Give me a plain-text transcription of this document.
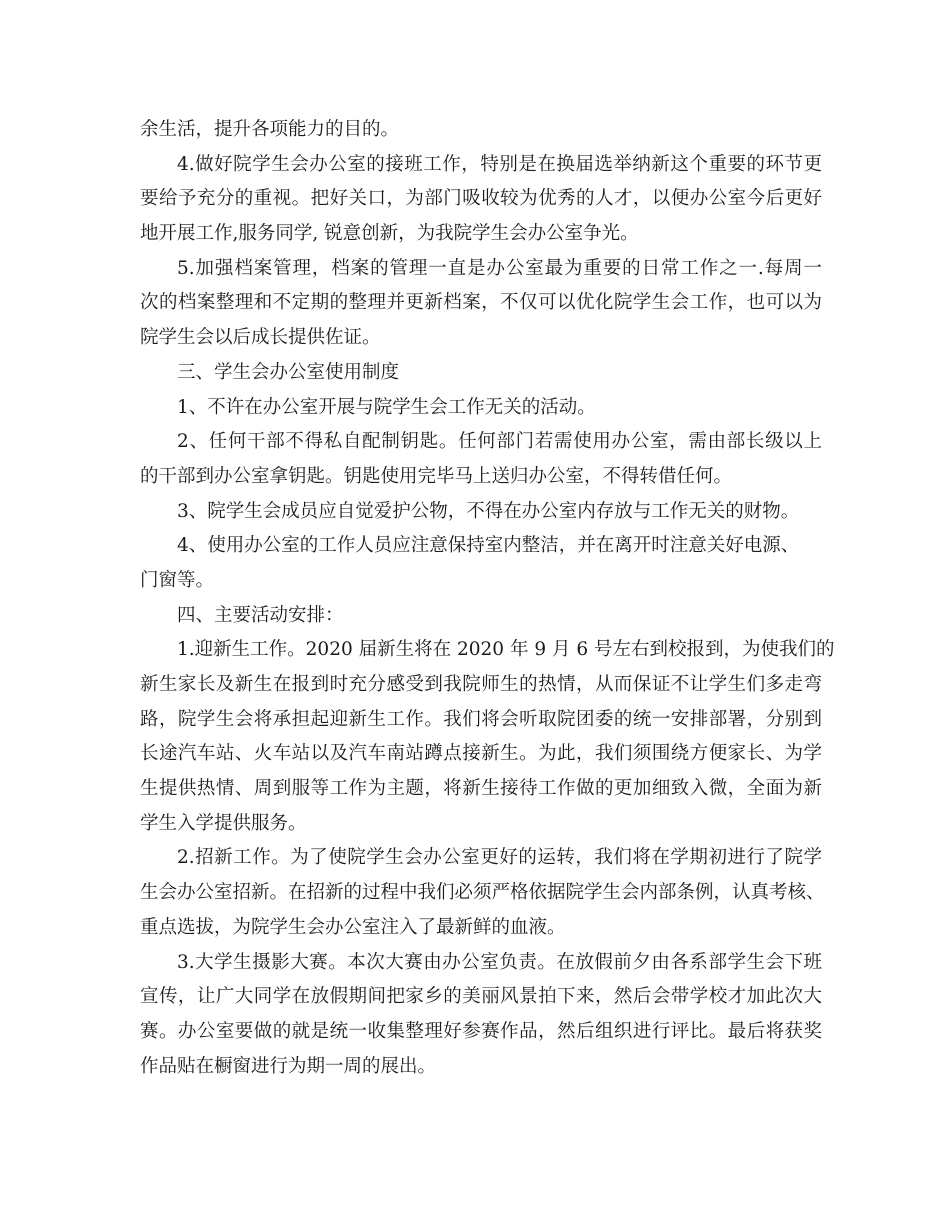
余生活，提升各项能力的目的。
4.做好院学生会办公室的接班工作，特别是在换届选举纳新这个重要的环节更
要给予充分的重视。把好关口，为部门吸收较为优秀的人才，以便办公室今后更好
地开展工作,服务同学, 锐意创新，为我院学生会办公室争光。
5.加强档案管理，档案的管理一直是办公室最为重要的日常工作之一.每周一
次的档案整理和不定期的整理并更新档案，不仅可以优化院学生会工作，也可以为
院学生会以后成长提供佐证。
三、学生会办公室使用制度
1、不许在办公室开展与院学生会工作无关的活动。
2、任何干部不得私自配制钥匙。任何部门若需使用办公室，需由部长级以上
的干部到办公室拿钥匙。钥匙使用完毕马上送归办公室，不得转借任何。
3、院学生会成员应自觉爱护公物，不得在办公室内存放与工作无关的财物。
4、使用办公室的工作人员应注意保持室内整洁，并在离开时注意关好电源、
门窗等。
四、主要活动安排：
1.迎新生工作。2020 届新生将在 2020 年 9 月 6 号左右到校报到，为使我们的
新生家长及新生在报到时充分感受到我院师生的热情，从而保证不让学生们多走弯
路，院学生会将承担起迎新生工作。我们将会听取院团委的统一安排部署，分别到
长途汽车站、火车站以及汽车南站蹲点接新生。为此，我们须围绕方便家长、为学
生提供热情、周到服等工作为主题，将新生接待工作做的更加细致入微，全面为新
学生入学提供服务。
2.招新工作。为了使院学生会办公室更好的运转，我们将在学期初进行了院学
生会办公室招新。在招新的过程中我们必须严格依据院学生会内部条例，认真考核、
重点选拔，为院学生会办公室注入了最新鲜的血液。
3.大学生摄影大赛。本次大赛由办公室负责。在放假前夕由各系部学生会下班
宣传，让广大同学在放假期间把家乡的美丽风景拍下来，然后会带学校才加此次大
赛。办公室要做的就是统一收集整理好参赛作品，然后组织进行评比。最后将获奖
作品贴在橱窗进行为期一周的展出。
